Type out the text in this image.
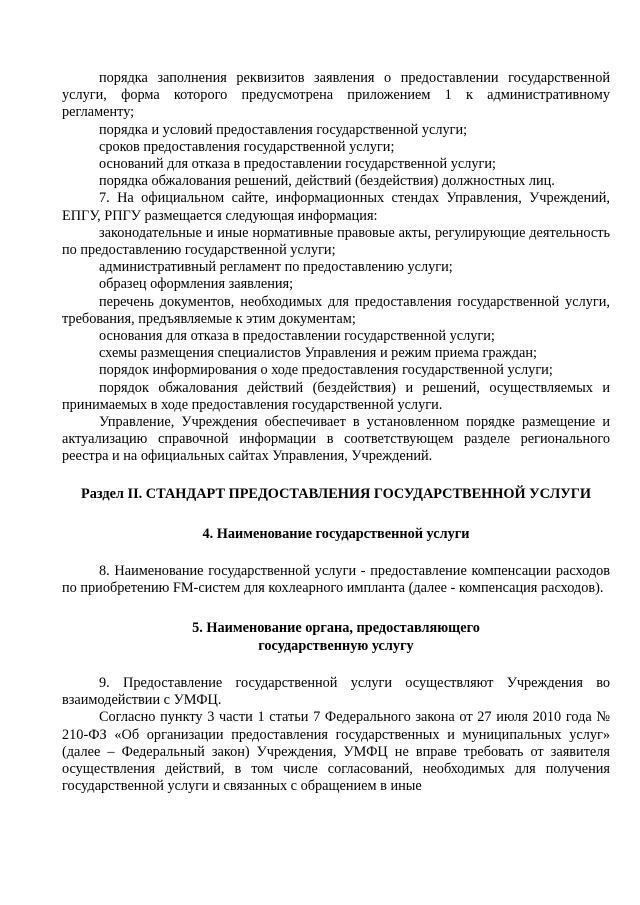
порядка заполнения реквизитов заявления о предоставлении государственной услуги, форма которого предусмотрена приложением 1 к административному регламенту;

порядка и условий предоставления государственной услуги;

сроков предоставления государственной услуги;

оснований для отказа в предоставлении государственной услуги;

порядка обжалования решений, действий (бездействия) должностных лиц.

7. На официальном сайте, информационных стендах Управления, Учреждений, ЕПГУ, РПГУ размещается следующая информация:

законодательные и иные нормативные правовые акты, регулирующие деятельность по предоставлению государственной услуги;

административный регламент по предоставлению услуги;

образец оформления заявления;

перечень документов, необходимых для предоставления государственной услуги, требования, предъявляемые к этим документам;

основания для отказа в предоставлении государственной услуги;

схемы размещения специалистов Управления и режим приема граждан;

порядок информирования о ходе предоставления государственной услуги;

порядок обжалования действий (бездействия) и решений, осуществляемых и принимаемых в ходе предоставления государственной услуги.

Управление, Учреждения обеспечивает в установленном порядке размещение и актуализацию справочной информации в соответствующем разделе регионального реестра и на официальных сайтах Управления, Учреждений.

Раздел II. СТАНДАРТ ПРЕДОСТАВЛЕНИЯ ГОСУДАРСТВЕННОЙ УСЛУГИ

4. Наименование государственной услуги

8. Наименование государственной услуги - предоставление компенсации расходов по приобретению FM-систем для кохлеарного импланта (далее - компенсация расходов).

5. Наименование органа, предоставляющего
государственную услугу

9. Предоставление государственной услуги осуществляют Учреждения во взаимодействии с УМФЦ.

Согласно пункту 3 части 1 статьи 7 Федерального закона от 27 июля 2010 года № 210-ФЗ «Об организации предоставления государственных и муниципальных услуг» (далее – Федеральный закон) Учреждения, УМФЦ не вправе требовать от заявителя осуществления действий, в том числе согласований, необходимых для получения государственной услуги и связанных с обращением в иные
